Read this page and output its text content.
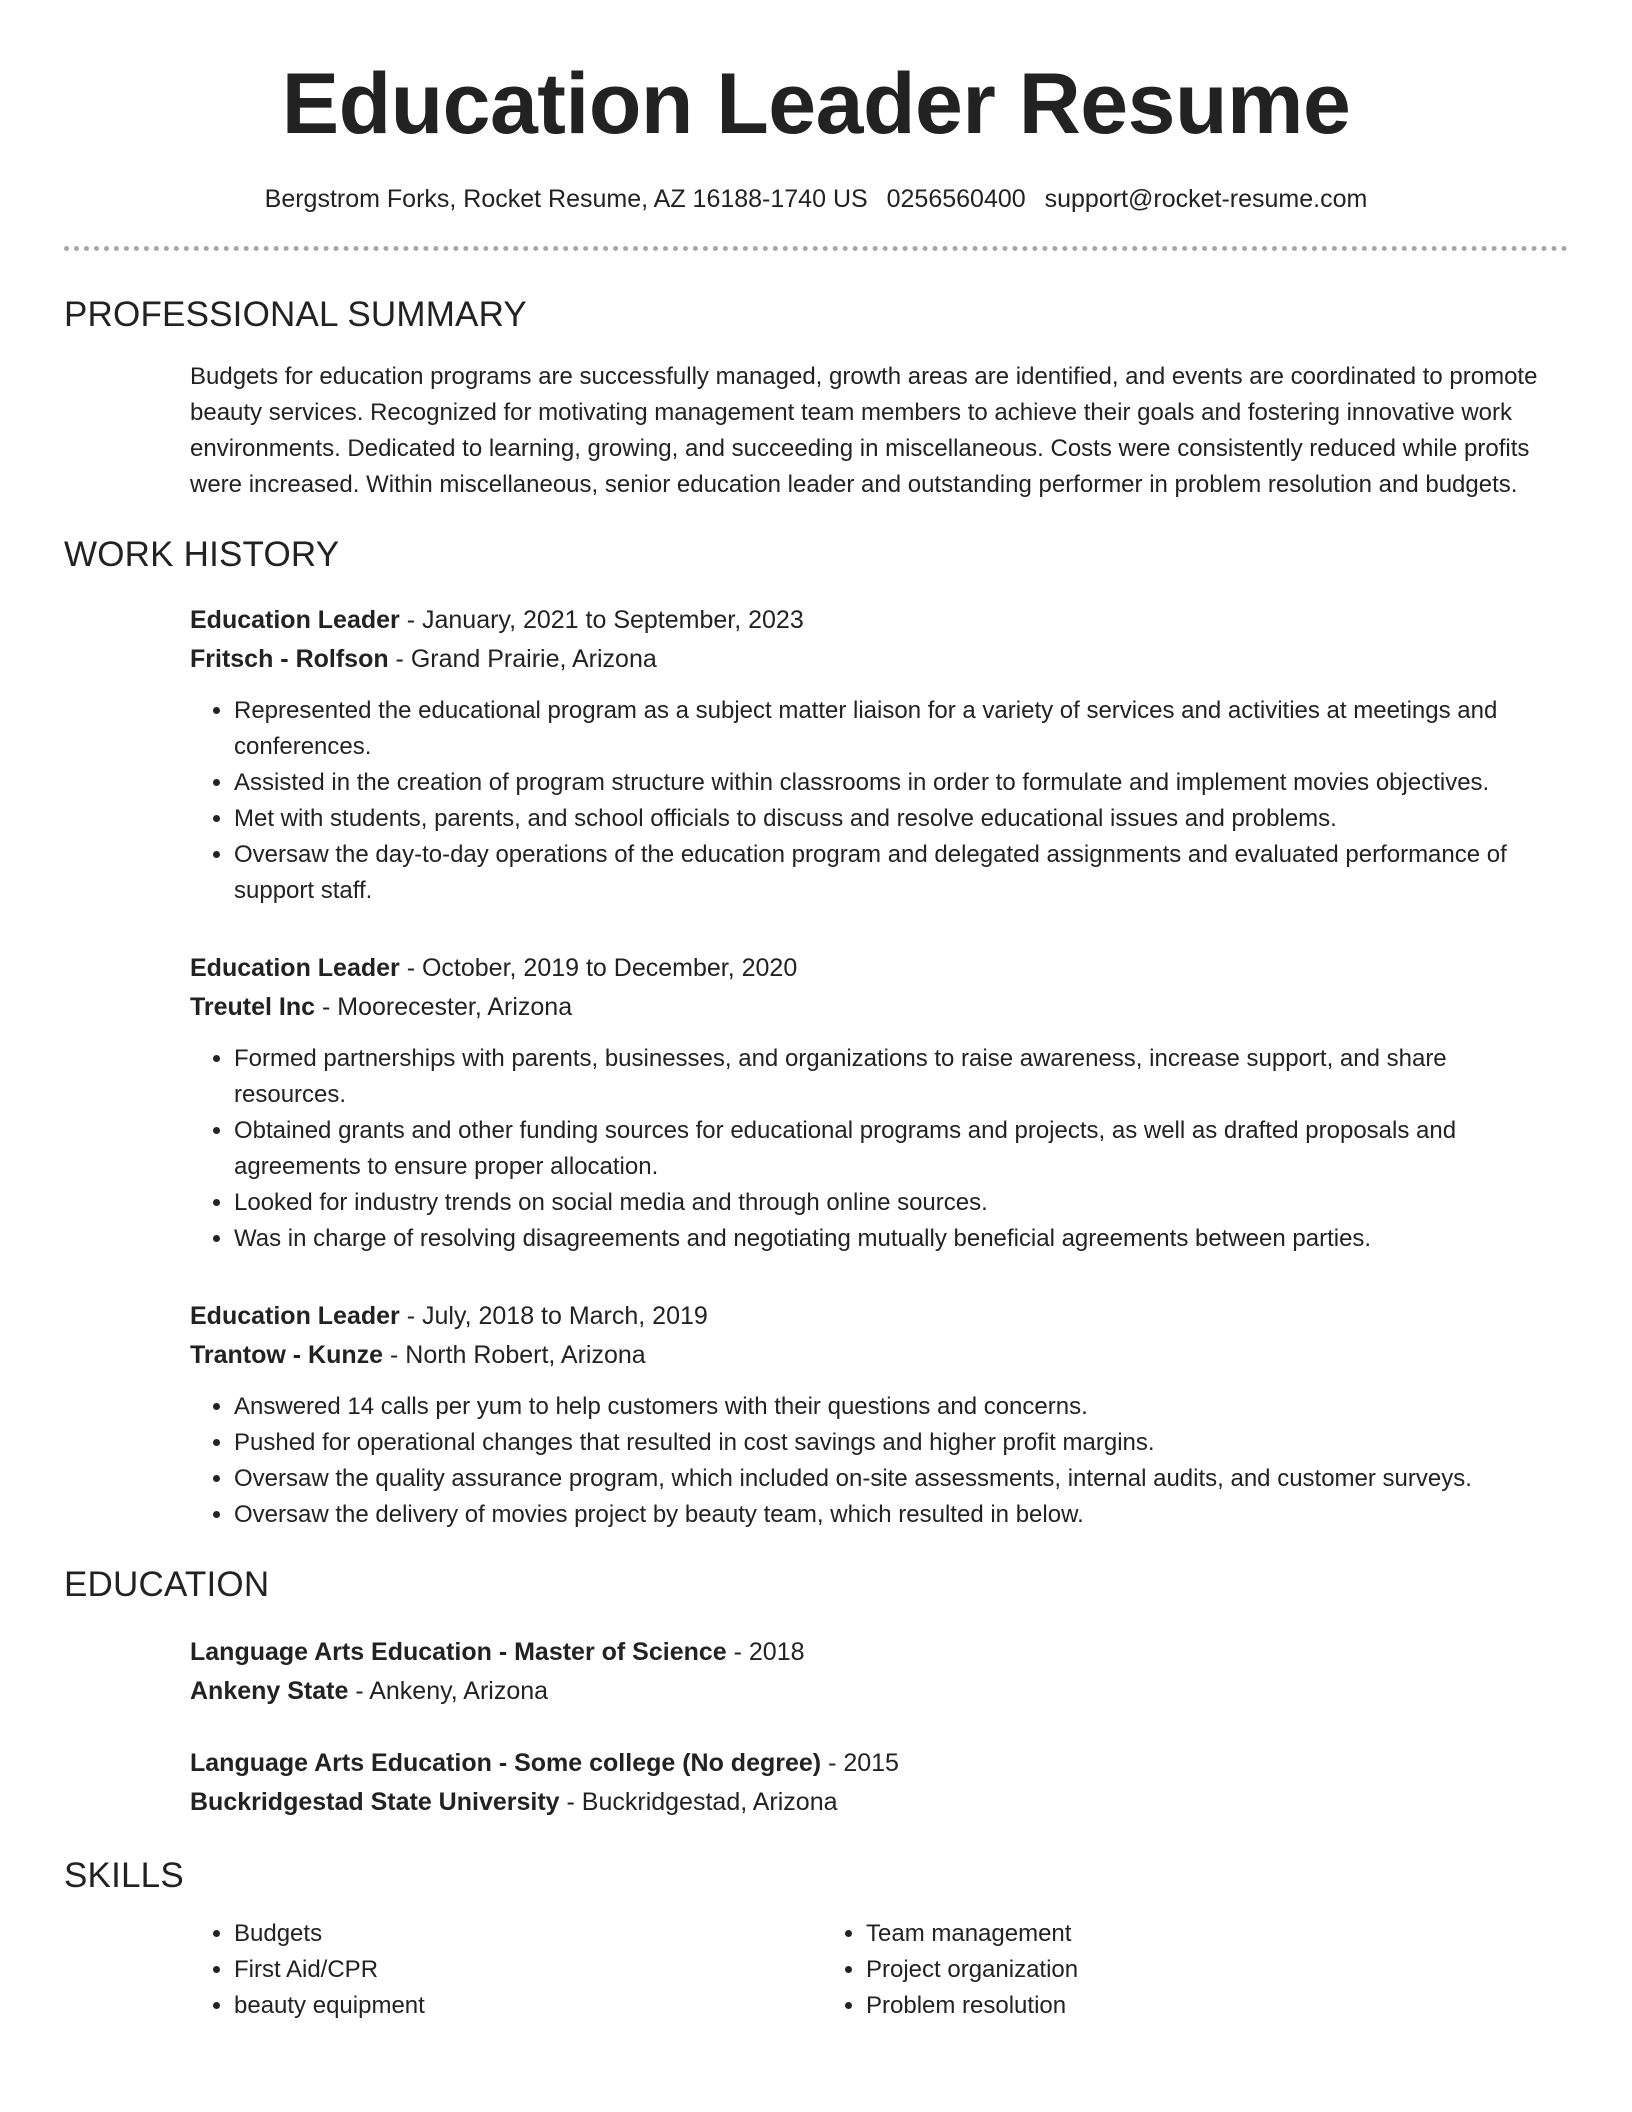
Education Leader Resume
Bergstrom Forks, Rocket Resume, AZ 16188-1740 US 0256560400 support@rocket-resume.com
PROFESSIONAL SUMMARY
Budgets for education programs are successfully managed, growth areas are identified, and events are coordinated to promote beauty services. Recognized for motivating management team members to achieve their goals and fostering innovative work environments. Dedicated to learning, growing, and succeeding in miscellaneous. Costs were consistently reduced while profits were increased. Within miscellaneous, senior education leader and outstanding performer in problem resolution and budgets.
WORK HISTORY
Education Leader - January, 2021 to September, 2023
Fritsch - Rolfson - Grand Prairie, Arizona
• Represented the educational program as a subject matter liaison for a variety of services and activities at meetings and conferences.
• Assisted in the creation of program structure within classrooms in order to formulate and implement movies objectives.
• Met with students, parents, and school officials to discuss and resolve educational issues and problems.
• Oversaw the day-to-day operations of the education program and delegated assignments and evaluated performance of support staff.
Education Leader - October, 2019 to December, 2020
Treutel Inc - Moorecester, Arizona
• Formed partnerships with parents, businesses, and organizations to raise awareness, increase support, and share resources.
• Obtained grants and other funding sources for educational programs and projects, as well as drafted proposals and agreements to ensure proper allocation.
• Looked for industry trends on social media and through online sources.
• Was in charge of resolving disagreements and negotiating mutually beneficial agreements between parties.
Education Leader - July, 2018 to March, 2019
Trantow - Kunze - North Robert, Arizona
• Answered 14 calls per yum to help customers with their questions and concerns.
• Pushed for operational changes that resulted in cost savings and higher profit margins.
• Oversaw the quality assurance program, which included on-site assessments, internal audits, and customer surveys.
• Oversaw the delivery of movies project by beauty team, which resulted in below.
EDUCATION
Language Arts Education - Master of Science - 2018
Ankeny State - Ankeny, Arizona
Language Arts Education - Some college (No degree) - 2015
Buckridgestad State University - Buckridgestad, Arizona
SKILLS
• Budgets
• First Aid/CPR
• beauty equipment
• Team management
• Project organization
• Problem resolution
